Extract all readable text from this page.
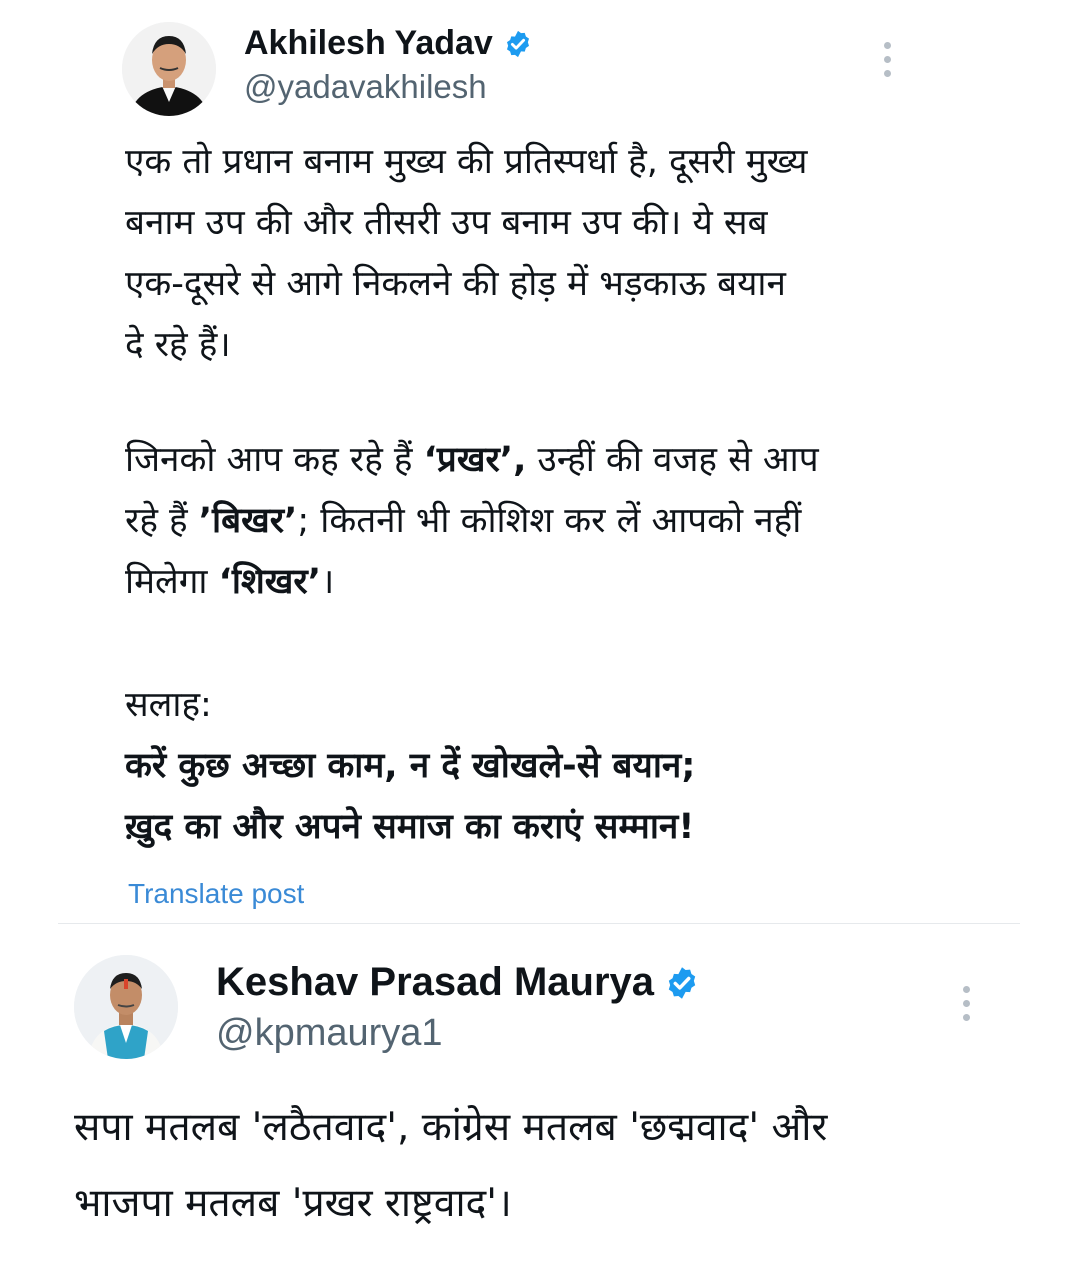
Akhilesh Yadav
@yadavakhilesh
एक तो प्रधान बनाम मुख्य की प्रतिस्पर्धा है, दूसरी मुख्य
बनाम उप की और तीसरी उप बनाम उप की। ये सब
एक-दूसरे से आगे निकलने की होड़ में भड़काऊ बयान
दे रहे हैं।
जिनको आप कह रहे हैं ‘प्रखर’, उन्हीं की वजह से आप
रहे हैं ’बिखर’; कितनी भी कोशिश कर लें आपको नहीं
मिलेगा ‘शिखर’।
सलाह:
करें कुछ अच्छा काम, न दें खोखले-से बयान;
ख़ुद का और अपने समाज का कराएं सम्मान!
Translate post
Keshav Prasad Maurya
@kpmaurya1
सपा मतलब 'लठैतवाद', कांग्रेस मतलब 'छद्मवाद' और
भाजपा मतलब 'प्रखर राष्ट्रवाद'।
